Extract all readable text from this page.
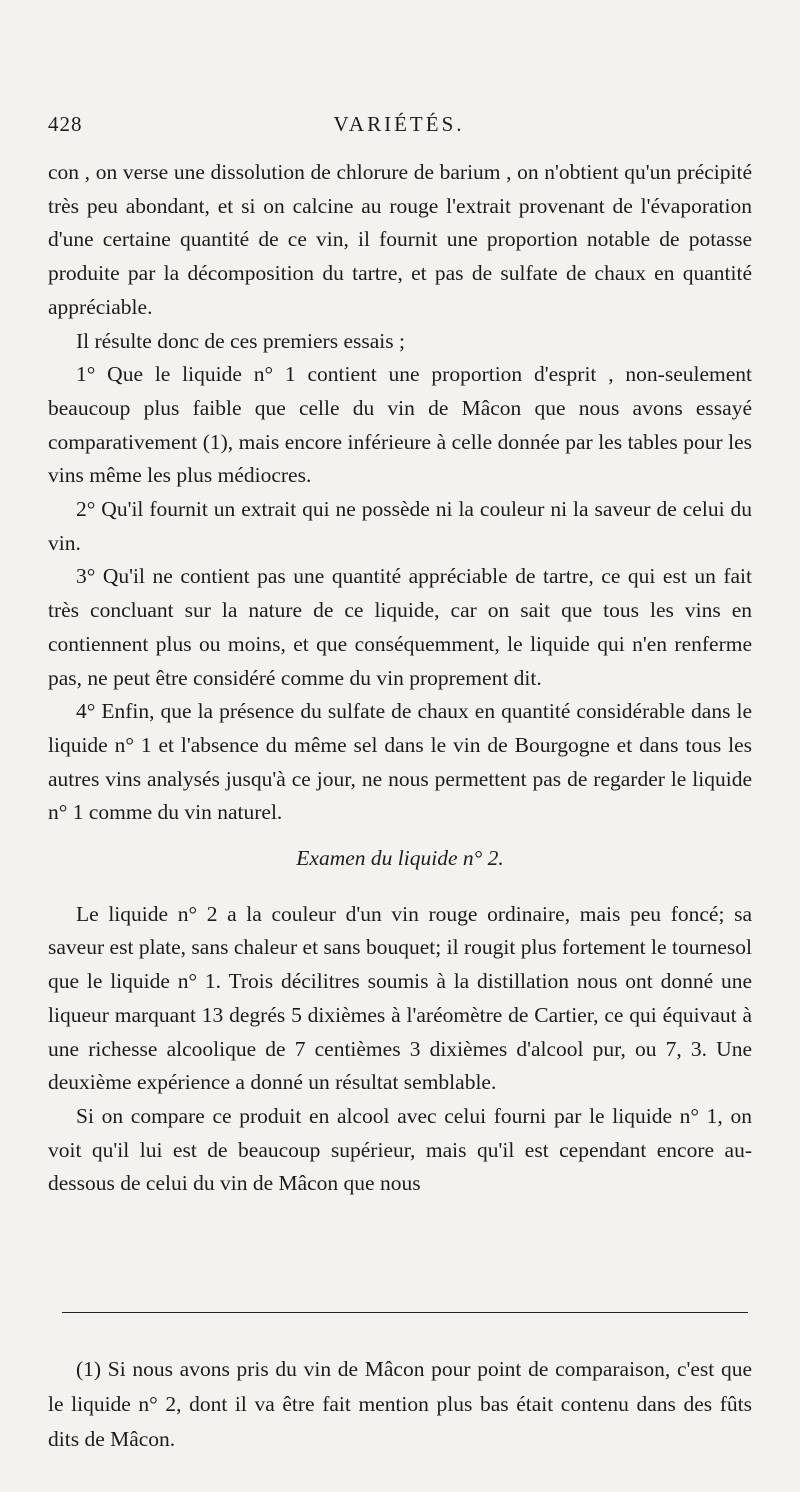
428	VARIÉTÉS.

con , on verse une dissolution de chlorure de barium , on n'obtient qu'un précipité très peu abondant, et si on calcine au rouge l'extrait provenant de l'évaporation d'une certaine quantité de ce vin, il fournit une proportion notable de potasse produite par la décomposition du tartre, et pas de sulfate de chaux en quantité appréciable.

Il résulte donc de ces premiers essais ;

1° Que le liquide n° 1 contient une proportion d'esprit , non-seulement beaucoup plus faible que celle du vin de Mâcon que nous avons essayé comparativement (1), mais encore inférieure à celle donnée par les tables pour les vins même les plus médiocres.

2° Qu'il fournit un extrait qui ne possède ni la couleur ni la saveur de celui du vin.

3° Qu'il ne contient pas une quantité appréciable de tartre, ce qui est un fait très concluant sur la nature de ce liquide, car on sait que tous les vins en contiennent plus ou moins, et que conséquemment, le liquide qui n'en renferme pas, ne peut être considéré comme du vin proprement dit.

4° Enfin, que la présence du sulfate de chaux en quantité considérable dans le liquide n° 1 et l'absence du même sel dans le vin de Bourgogne et dans tous les autres vins analysés jusqu'à ce jour, ne nous permettent pas de regarder le liquide n° 1 comme du vin naturel.

Examen du liquide n° 2.

Le liquide n° 2 a la couleur d'un vin rouge ordinaire, mais peu foncé; sa saveur est plate, sans chaleur et sans bouquet; il rougit plus fortement le tournesol que le liquide n° 1. Trois décilitres soumis à la distillation nous ont donné une liqueur marquant 13 degrés 5 dixièmes à l'aréomètre de Cartier, ce qui équivaut à une richesse alcoolique de 7 centièmes 3 dixièmes d'alcool pur, ou 7, 3. Une deuxième expérience a donné un résultat semblable.

Si on compare ce produit en alcool avec celui fourni par le liquide n° 1, on voit qu'il lui est de beaucoup supérieur, mais qu'il est cependant encore au-dessous de celui du vin de Mâcon que nous

(1) Si nous avons pris du vin de Mâcon pour point de comparaison, c'est que le liquide n° 2, dont il va être fait mention plus bas était contenu dans des fûts dits de Mâcon.
